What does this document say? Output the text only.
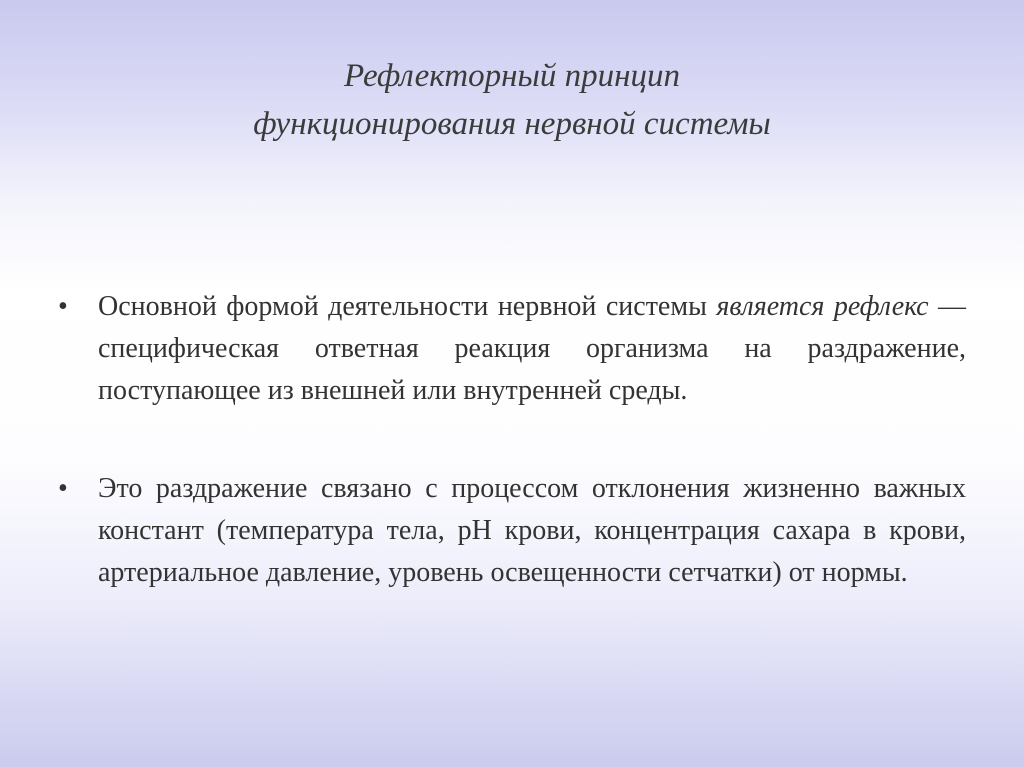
Рефлекторный принцип
функционирования нервной системы
•	Основной формой деятельности нервной системы является рефлекс — специфическая ответная реакция организма на раздражение, поступающее из внешней или внутренней среды.
•	Это раздражение связано с процессом отклонения жизненно важных констант (температура тела, рН крови, концентрация сахара в крови, артериальное давление, уровень освещенности сетчатки) от нормы.
